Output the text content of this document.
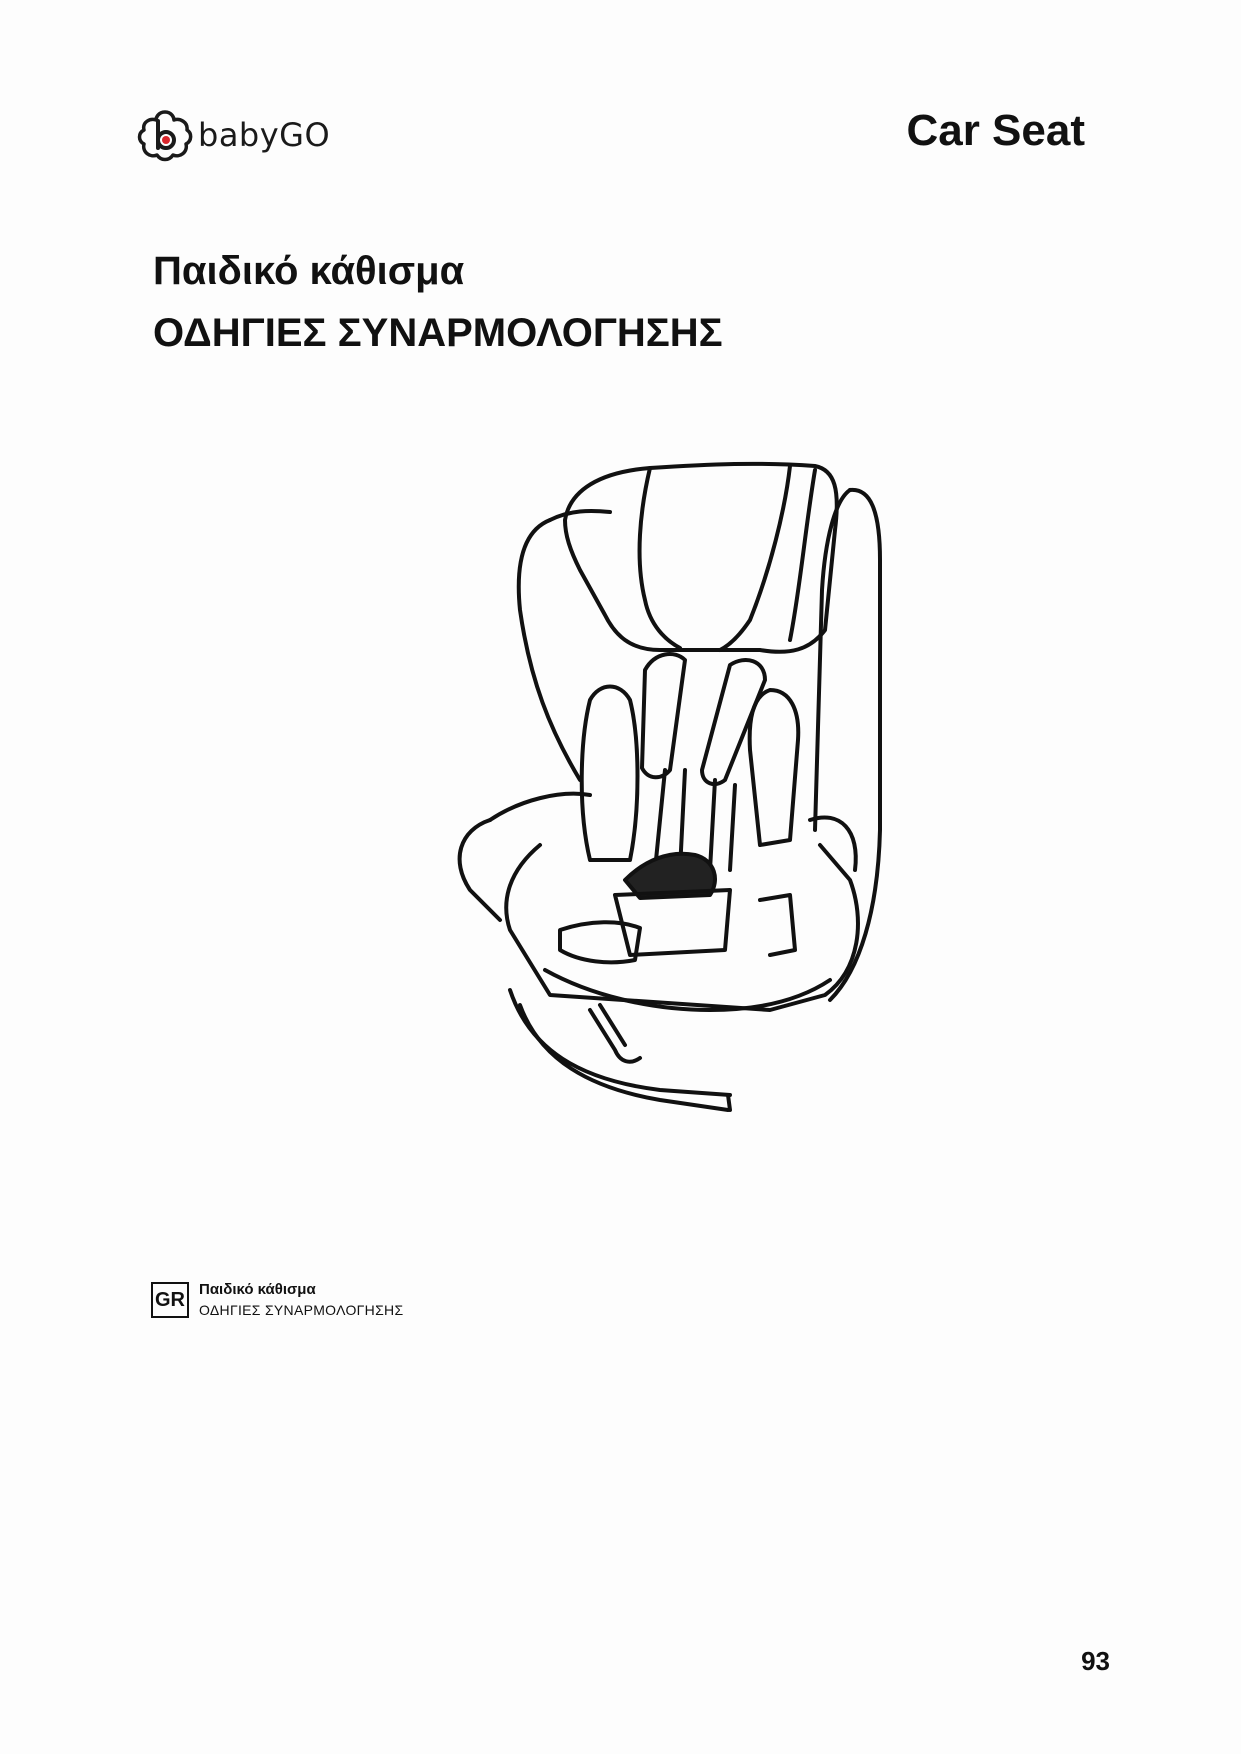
babyGO	Car Seat
Παιδικό κάθισμα
ΟΔΗΓΙΕΣ ΣΥΝΑΡΜΟΛΟΓΗΣΗΣ
GR Παιδικό κάθισμα
ΟΔΗΓΙΕΣ ΣΥΝΑΡΜΟΛΟΓΗΣΗΣ
93
